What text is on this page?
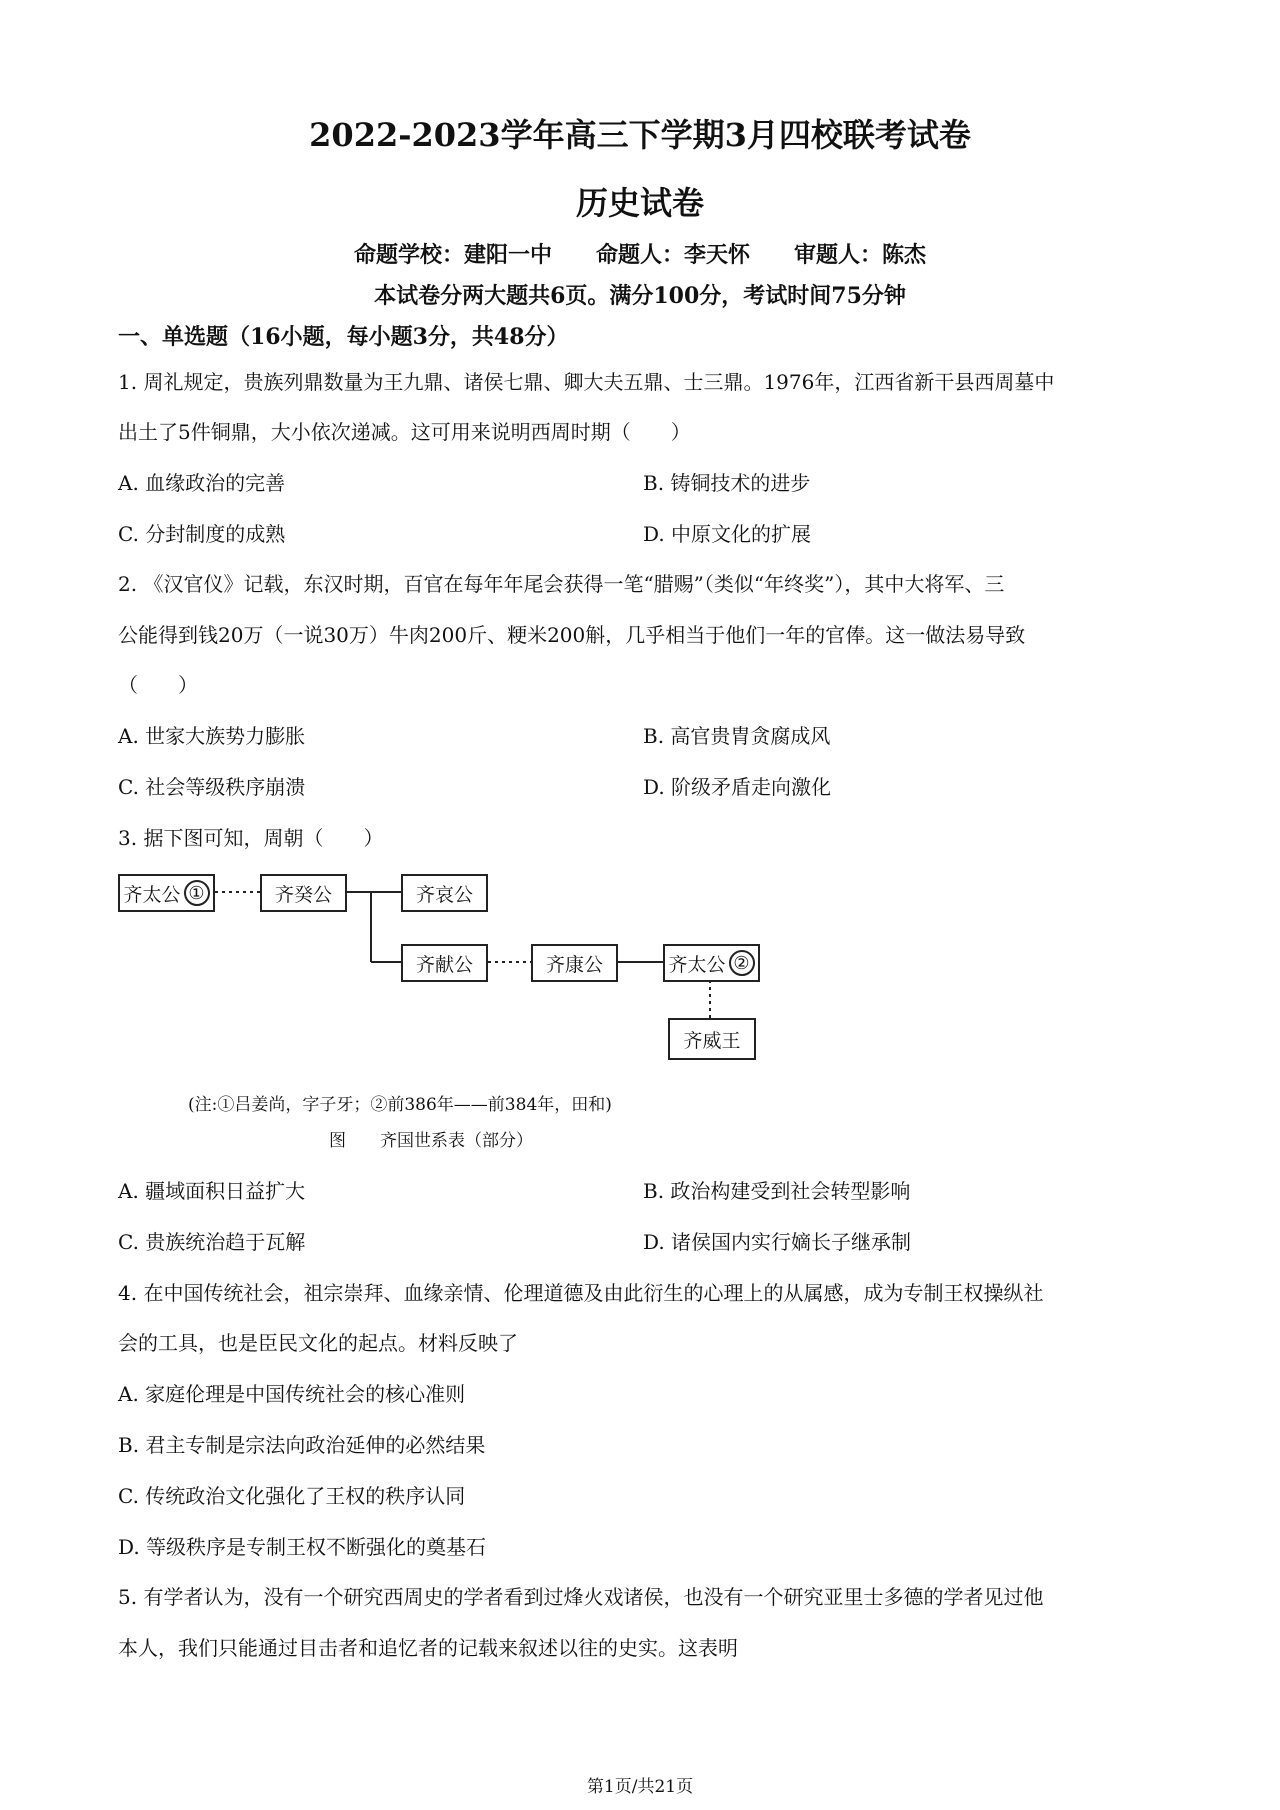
2022-2023学年高三下学期3月四校联考试卷
历史试卷
命题学校：建阳一中 命题人：李天怀 审题人：陈杰
本试卷分两大题共6页。满分100分，考试时间75分钟
一、单选题（16小题，每小题3分，共48分）
1. 周礼规定，贵族列鼎数量为王九鼎、诸侯七鼎、卿大夫五鼎、士三鼎。1976年，江西省新干县西周墓中
出土了5件铜鼎，大小依次递减。这可用来说明西周时期（　　）
A. 血缘政治的完善	B. 铸铜技术的进步
C. 分封制度的成熟	D. 中原文化的扩展
2. 《汉官仪》记载，东汉时期，百官在每年年尾会获得一笔“腊赐”（类似“年终奖”），其中大将军、三
公能得到钱20万（一说30万）牛肉200斤、粳米200斛，几乎相当于他们一年的官俸。这一做法易导致
（　　）
A. 世家大族势力膨胀	B. 高官贵胄贪腐成风
C. 社会等级秩序崩溃	D. 阶级矛盾走向激化
3. 据下图可知，周朝（　　）
齐太公 ①	齐癸公	齐哀公
齐献公	齐康公	齐太公 ②
齐威王
(注:①吕姜尚，字子牙；②前386年——前384年，田和)
图 齐国世系表（部分）
A. 疆域面积日益扩大	B. 政治构建受到社会转型影响
C. 贵族统治趋于瓦解	D. 诸侯国内实行嫡长子继承制
4. 在中国传统社会，祖宗崇拜、血缘亲情、伦理道德及由此衍生的心理上的从属感，成为专制王权操纵社
会的工具，也是臣民文化的起点。材料反映了
A. 家庭伦理是中国传统社会的核心准则
B. 君主专制是宗法向政治延伸的必然结果
C. 传统政治文化强化了王权的秩序认同
D. 等级秩序是专制王权不断强化的奠基石
5. 有学者认为，没有一个研究西周史的学者看到过烽火戏诸侯，也没有一个研究亚里士多德的学者见过他
本人，我们只能通过目击者和追忆者的记载来叙述以往的史实。这表明
第1页/共21页
